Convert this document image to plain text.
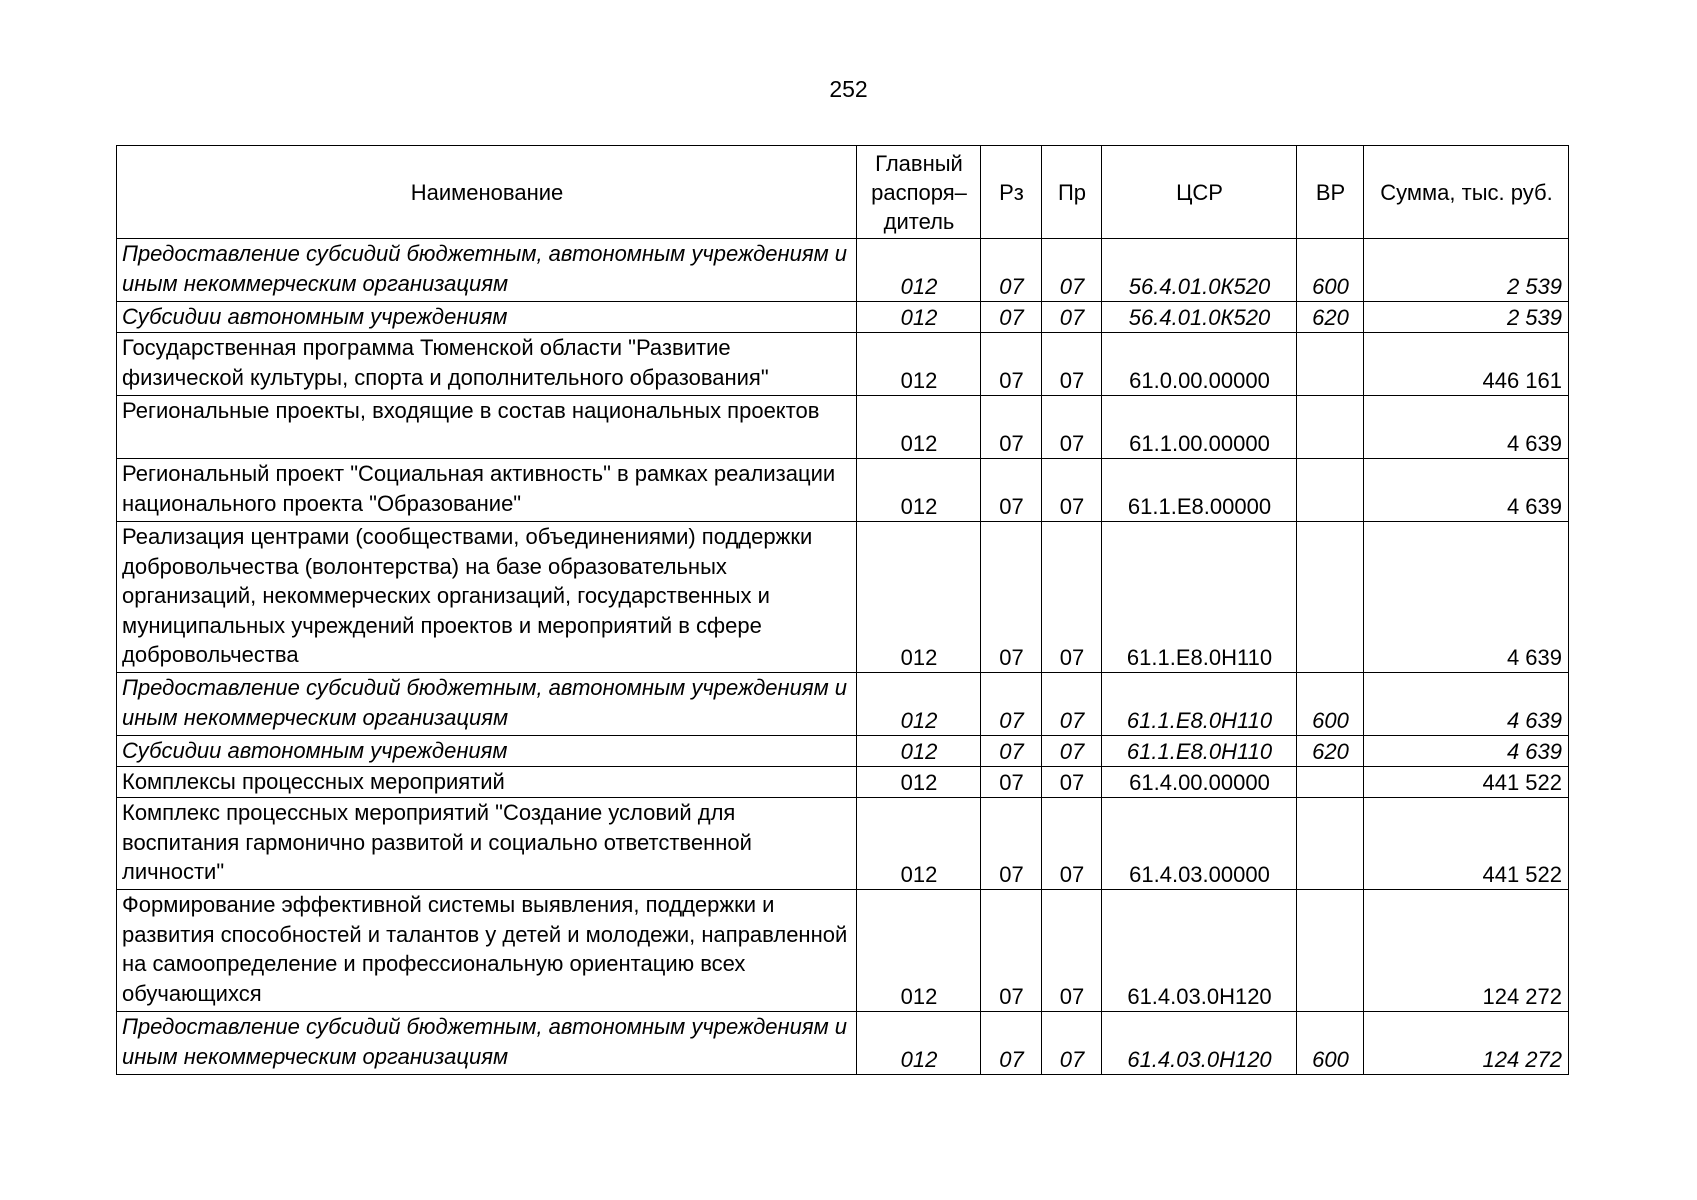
252
Наименование	Главный распоря– дитель	Рз	Пр	ЦСР	ВР	Сумма, тыс. руб.
Предоставление субсидий бюджетным, автономным учреждениям и иным некоммерческим организациям	012	07	07	56.4.01.0К520	600	2 539
Субсидии автономным учреждениям	012	07	07	56.4.01.0К520	620	2 539
Государственная программа Тюменской области "Развитие физической культуры, спорта и дополнительного образования"	012	07	07	61.0.00.00000		446 161
Региональные проекты, входящие в состав национальных проектов	012	07	07	61.1.00.00000		4 639
Региональный проект "Социальная активность" в рамках реализации национального проекта "Образование"	012	07	07	61.1.Е8.00000		4 639
Реализация центрами (сообществами, объединениями) поддержки добровольчества (волонтерства) на базе образовательных организаций, некоммерческих организаций, государственных и муниципальных учреждений проектов и мероприятий в сфере добровольчества	012	07	07	61.1.Е8.0Н110		4 639
Предоставление субсидий бюджетным, автономным учреждениям и иным некоммерческим организациям	012	07	07	61.1.Е8.0Н110	600	4 639
Субсидии автономным учреждениям	012	07	07	61.1.Е8.0Н110	620	4 639
Комплексы процессных мероприятий	012	07	07	61.4.00.00000		441 522
Комплекс процессных мероприятий "Создание условий для воспитания гармонично развитой и социально ответственной личности"	012	07	07	61.4.03.00000		441 522
Формирование эффективной системы выявления, поддержки и развития способностей и талантов у детей и молодежи, направленной на самоопределение и профессиональную ориентацию всех обучающихся	012	07	07	61.4.03.0Н120		124 272
Предоставление субсидий бюджетным, автономным учреждениям и иным некоммерческим организациям	012	07	07	61.4.03.0Н120	600	124 272
